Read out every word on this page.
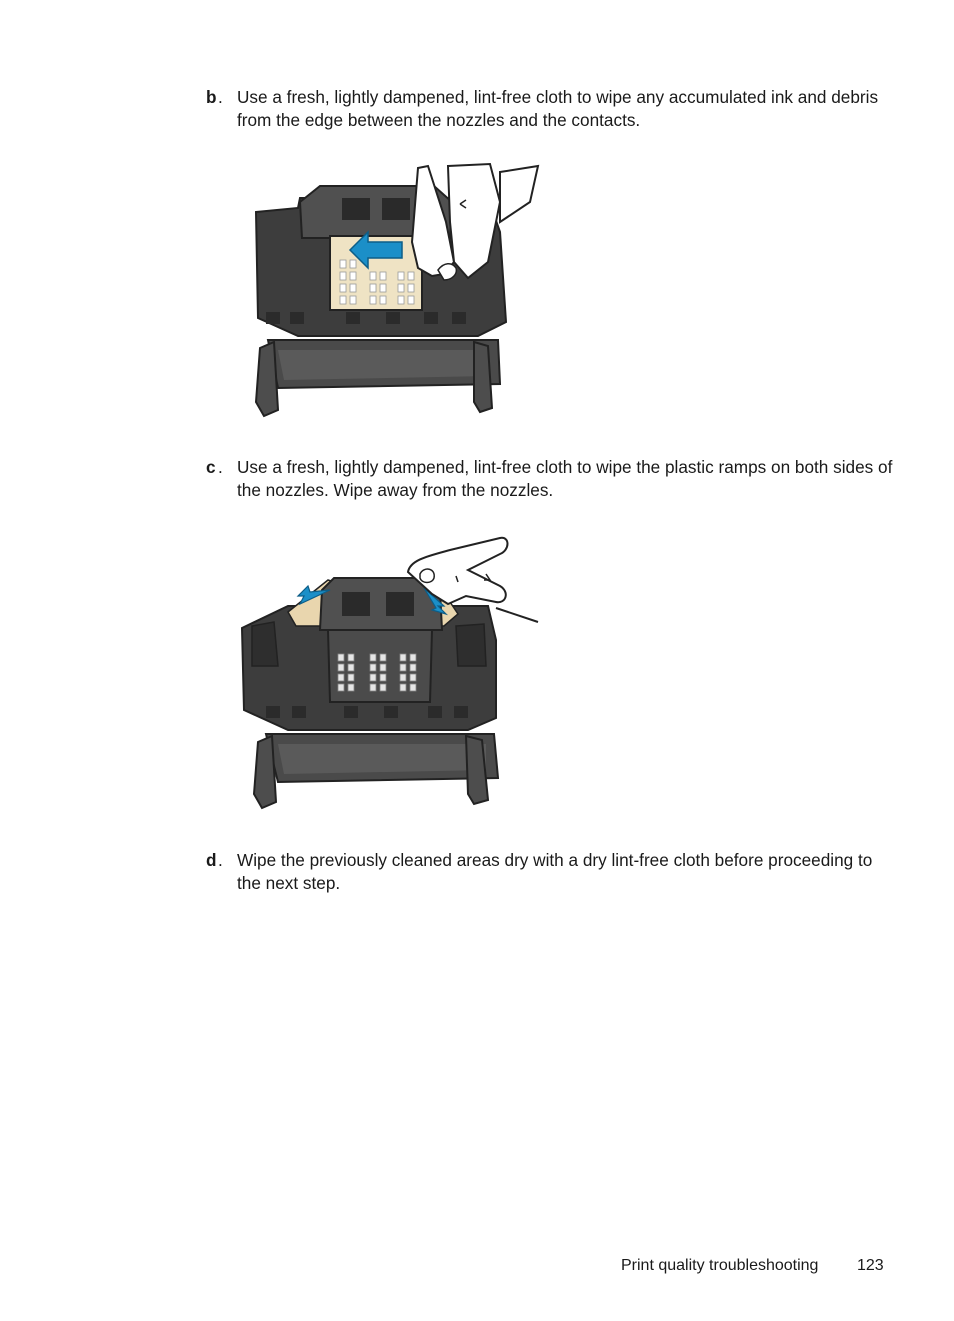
b . Use a fresh, lightly dampened, lint-free cloth to wipe any accumulated ink and debris from the edge between the nozzles and the contacts.
c . Use a fresh, lightly dampened, lint-free cloth to wipe the plastic ramps on both sides of the nozzles. Wipe away from the nozzles.
d . Wipe the previously cleaned areas dry with a dry lint-free cloth before proceeding to the next step.
Print quality troubleshooting 123
